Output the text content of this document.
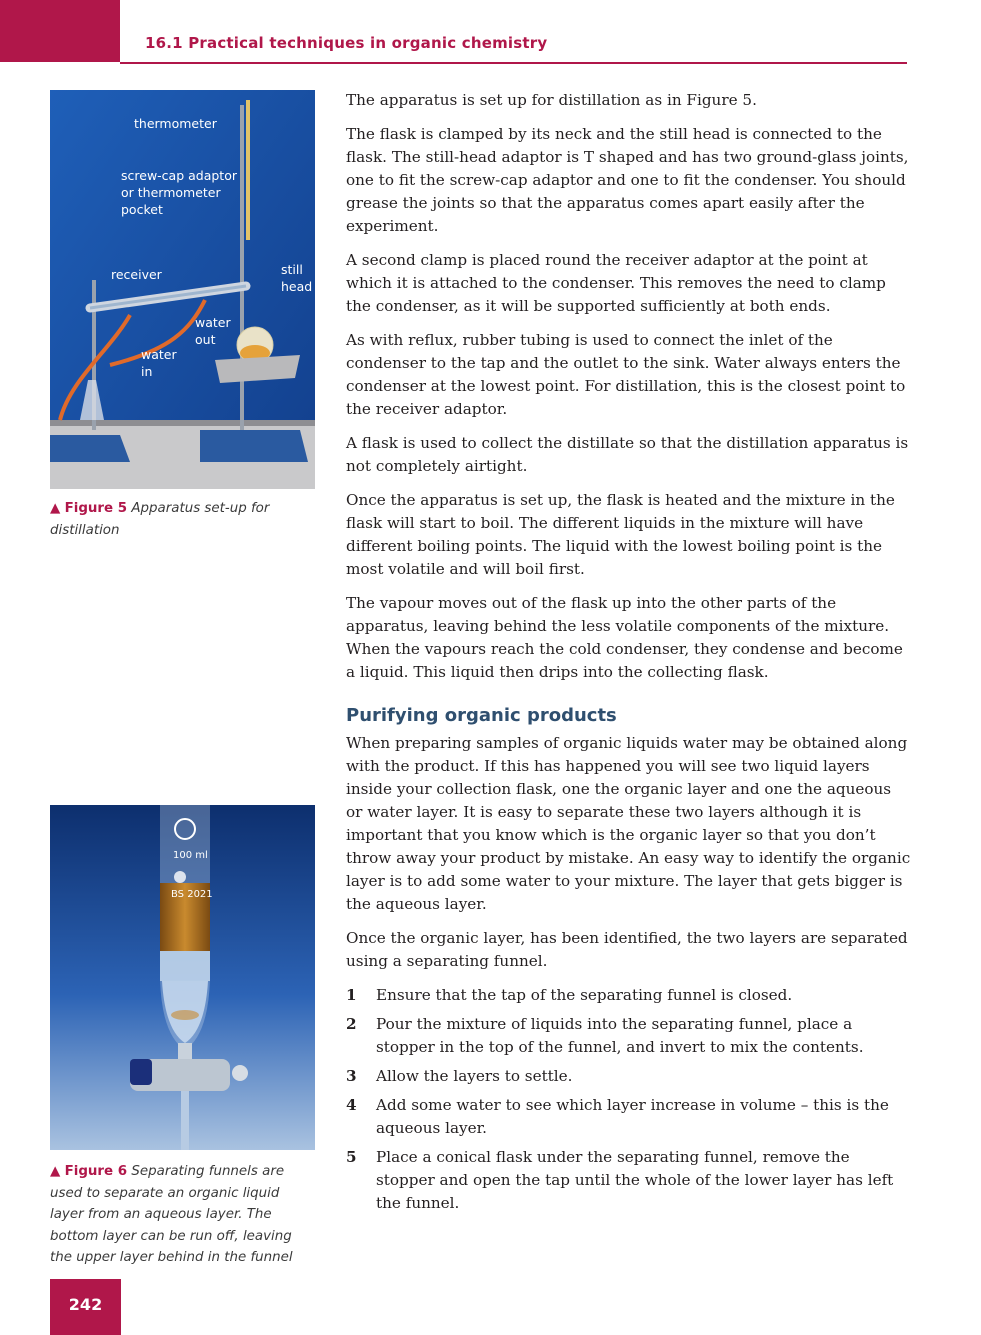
16.1 Practical techniques in organic chemistry
thermometer
screw-cap adaptor
or thermometer
pocket
receiver	still
head
water
out
water
in
▲ Figure 5 Apparatus set-up for distillation
100 ml
BS 2021
▲ Figure 6 Separating funnels are used to separate an organic liquid layer from an aqueous layer. The bottom layer can be run off, leaving the upper layer behind in the funnel

The apparatus is set up for distillation as in Figure 5.

The flask is clamped by its neck and the still head is connected to the flask. The still-head adaptor is T shaped and has two ground-glass joints, one to fit the screw-cap adaptor and one to fit the condenser. You should grease the joints so that the apparatus comes apart easily after the experiment.

A second clamp is placed round the receiver adaptor at the point at which it is attached to the condenser. This removes the need to clamp the condenser, as it will be supported sufficiently at both ends.

As with reflux, rubber tubing is used to connect the inlet of the condenser to the tap and the outlet to the sink. Water always enters the condenser at the lowest point. For distillation, this is the closest point to the receiver adaptor.

A flask is used to collect the distillate so that the distillation apparatus is not completely airtight.

Once the apparatus is set up, the flask is heated and the mixture in the flask will start to boil. The different liquids in the mixture will have different boiling points. The liquid with the lowest boiling point is the most volatile and will boil first.

The vapour moves out of the flask up into the other parts of the apparatus, leaving behind the less volatile components of the mixture. When the vapours reach the cold condenser, they condense and become a liquid. This liquid then drips into the collecting flask.

Purifying organic products

When preparing samples of organic liquids water may be obtained along with the product. If this has happened you will see two liquid layers inside your collection flask, one the organic layer and one the aqueous or water layer. It is easy to separate these two layers although it is important that you know which is the organic layer so that you don’t throw away your product by mistake. An easy way to identify the organic layer is to add some water to your mixture. The layer that gets bigger is the aqueous layer.

Once the organic layer, has been identified, the two layers are separated using a separating funnel.

1 Ensure that the tap of the separating funnel is closed.
2 Pour the mixture of liquids into the separating funnel, place a stopper in the top of the funnel, and invert to mix the contents.
3 Allow the layers to settle.
4 Add some water to see which layer increase in volume – this is the aqueous layer.
5 Place a conical flask under the separating funnel, remove the stopper and open the tap until the whole of the lower layer has left the funnel.
242
